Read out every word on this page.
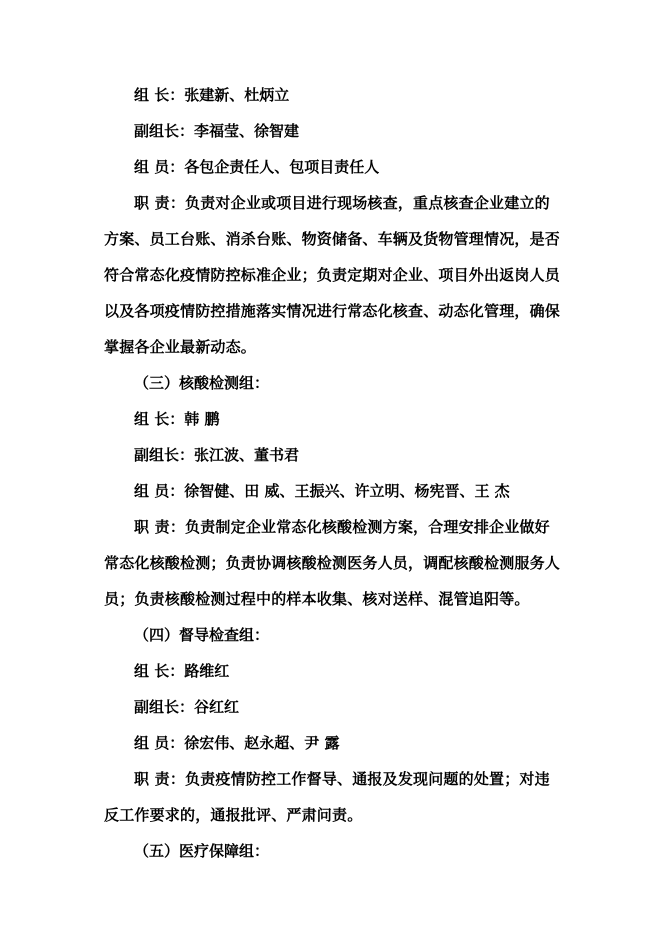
组 长：张建新、杜炳立
副组长：李福莹、徐智建
组 员：各包企责任人、包项目责任人
职 责：负责对企业或项目进行现场核查，重点核查企业建立的
方案、员工台账、消杀台账、物资储备、车辆及货物管理情况，是否
符合常态化疫情防控标准企业；负责定期对企业、项目外出返岗人员
以及各项疫情防控措施落实情况进行常态化核查、动态化管理，确保
掌握各企业最新动态。
（三）核酸检测组：
组 长：韩 鹏
副组长：张江波、董书君
组 员：徐智健、田 威、王振兴、许立明、杨宪晋、王 杰
职 责：负责制定企业常态化核酸检测方案，合理安排企业做好
常态化核酸检测；负责协调核酸检测医务人员，调配核酸检测服务人
员；负责核酸检测过程中的样本收集、核对送样、混管追阳等。
（四）督导检查组：
组 长：路维红
副组长：谷红红
组 员：徐宏伟、赵永超、尹 露
职 责：负责疫情防控工作督导、通报及发现问题的处置；对违
反工作要求的，通报批评、严肃问责。
（五）医疗保障组：
